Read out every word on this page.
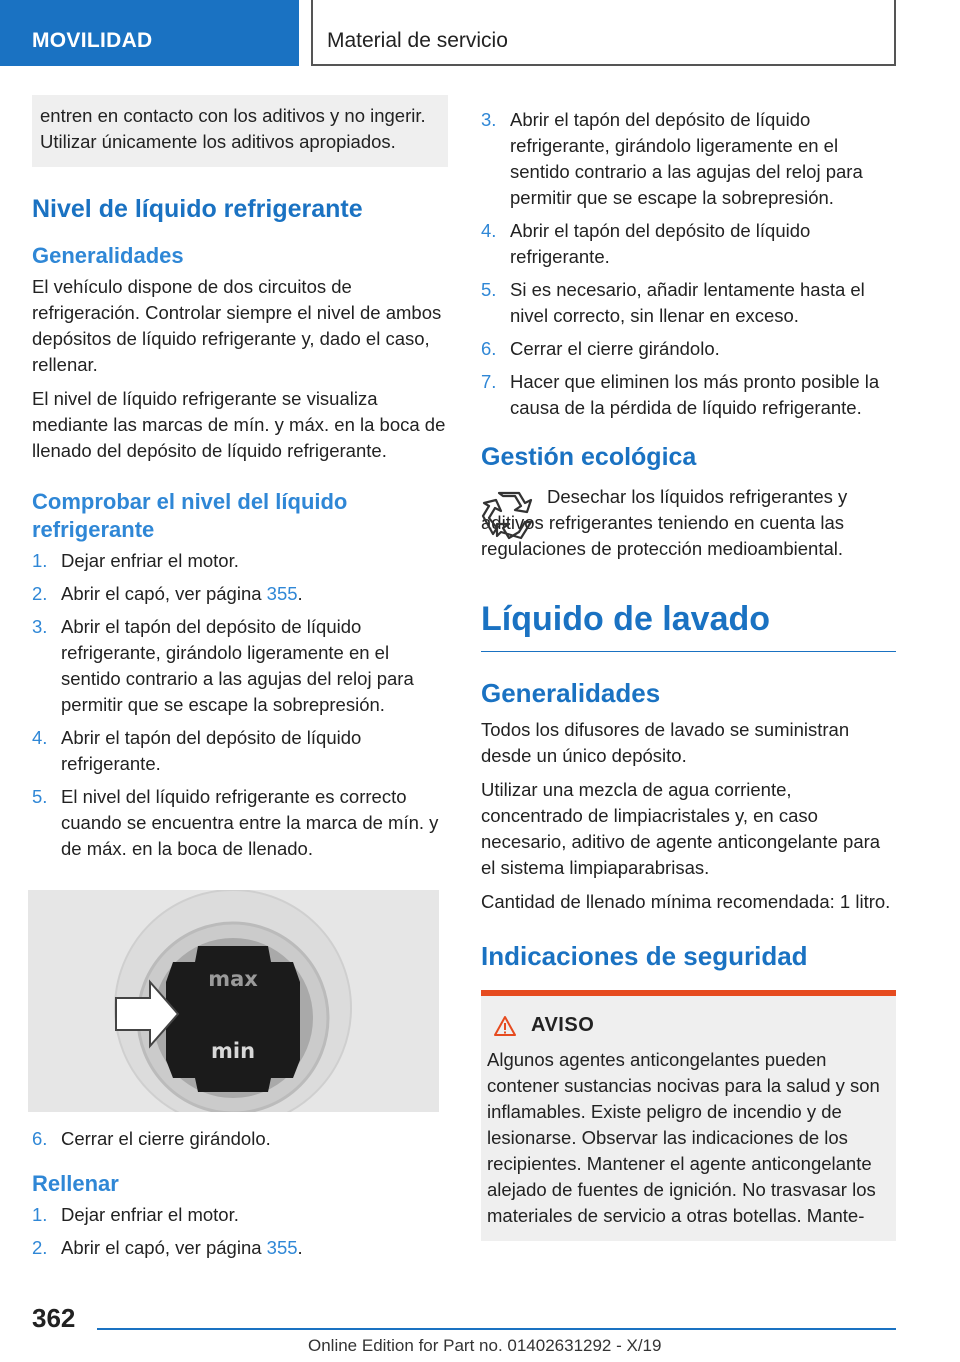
MOVILIDAD	Material de servicio
entren en contacto con los aditivos y no ingerir. Utilizar únicamente los aditivos apropiados.
Nivel de líquido refrigerante
Generalidades

El vehículo dispone de dos circuitos de refrigeración. Controlar siempre el nivel de ambos depósitos de líquido refrigerante y, dado el caso, rellenar.

El nivel de líquido refrigerante se visualiza mediante las marcas de mín. y máx. en la boca de llenado del depósito de líquido refrigerante.

Comprobar el nivel del líquido refrigerante
1. Dejar enfriar el motor.
2. Abrir el capó, ver página 355.
3. Abrir el tapón del depósito de líquido refrigerante, girándolo ligeramente en el sentido contrario a las agujas del reloj para permitir que se escape la sobrepresión.
4. Abrir el tapón del depósito de líquido refrigerante.
5. El nivel del líquido refrigerante es correcto cuando se encuentra entre la marca de mín. y de máx. en la boca de llenado.
max
min
6. Cerrar el cierre girándolo.
Rellenar
1. Dejar enfriar el motor.
2. Abrir el capó, ver página 355.
3. Abrir el tapón del depósito de líquido refrigerante, girándolo ligeramente en el sentido contrario a las agujas del reloj para permitir que se escape la sobrepresión.
4. Abrir el tapón del depósito de líquido refrigerante.
5. Si es necesario, añadir lentamente hasta el nivel correcto, sin llenar en exceso.
6. Cerrar el cierre girándolo.
7. Hacer que eliminen los más pronto posible la causa de la pérdida de líquido refrigerante.
Gestión ecológica

Desechar los líquidos refrigerantes y aditivos refrigerantes teniendo en cuenta las regulaciones de protección medioambiental.

Líquido de lavado
Generalidades

Todos los difusores de lavado se suministran desde un único depósito.

Utilizar una mezcla de agua corriente, concentrado de limpiacristales y, en caso necesario, aditivo de agente anticongelante para el sistema limpiaparabrisas.

Cantidad de llenado mínima recomendada: 1 litro.

Indicaciones de seguridad
AVISO

Algunos agentes anticongelantes pueden contener sustancias nocivas para la salud y son inflamables. Existe peligro de incendio y de lesionarse. Observar las indicaciones de los recipientes. Mantener el agente anticongelante alejado de fuentes de ignición. No trasvasar los materiales de servicio a otras botellas. Mante-

362
Online Edition for Part no. 01402631292 - X/19
